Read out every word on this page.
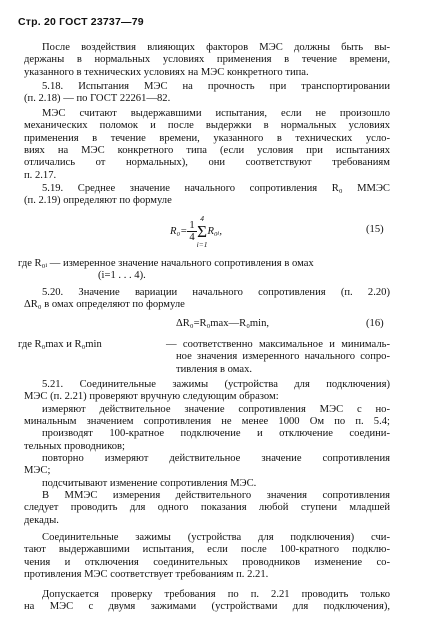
Стр. 20 ГОСТ 23737—79
После воздействия влияющих факторов МЭС должны быть вы-
держаны в нормальных условиях применения в течение времени,
указанного в технических условиях на МЭС конкретного типа.
5.18. Испытания МЭС на прочность при транспортировании
(п. 2.18) — по ГОСТ 22261—82.
МЭС считают выдержавшими испытания, если не произошло
механических поломок и после выдержки в нормальных условиях
применения в течение времени, указанного в технических усло-
виях на МЭС конкретного типа (если условия при испытаниях
отличались от нормальных), они соответствуют требованиям
п. 2.17.
5.19. Среднее значение начального сопротивления R₀ ММЭС
(п. 2.19) определяют по формуле
$R_0= \frac{1}{4}$
4
Σ
i=1
R₀ᵢ,	(15)
где R₀ᵢ — измеренное значение начального сопротивления в омах
(i=1 . . . 4).
5.20. Значение вариации начального сопротивления (п. 2.20)
ΔR₀ в омах определяют по формуле
ΔR₀=R₀max—R₀min,	(16)
где R₀max и R₀min	— соответственно максимальное и минималь-
ное значения измеренного начального сопро-
тивления в омах.
5.21. Соединительные зажимы (устройства для подключения)
МЭС (п. 2.21) проверяют вручную следующим образом:
измеряют действительное значение сопротивления МЭС с но-
минальным значением сопротивления не менее 1000 Ом по п. 5.4;
производят 100-кратное подключение и отключение соедини-
тельных проводников;
повторно измеряют действительное значение сопротивления
МЭС;
подсчитывают изменение сопротивления МЭС.
В ММЭС измерения действительного значения сопротивления
следует проводить для одного показания любой ступени младшей
декады.
Соединительные зажимы (устройства для подключения) счи-
тают выдержавшими испытания, если после 100-кратного подклю-
чения и отключения соединительных проводников изменение со-
противления МЭС соответствует требованиям п. 2.21.
Допускается проверку требования по п. 2.21 проводить только
на МЭС с двумя зажимами (устройствами для подключения),
